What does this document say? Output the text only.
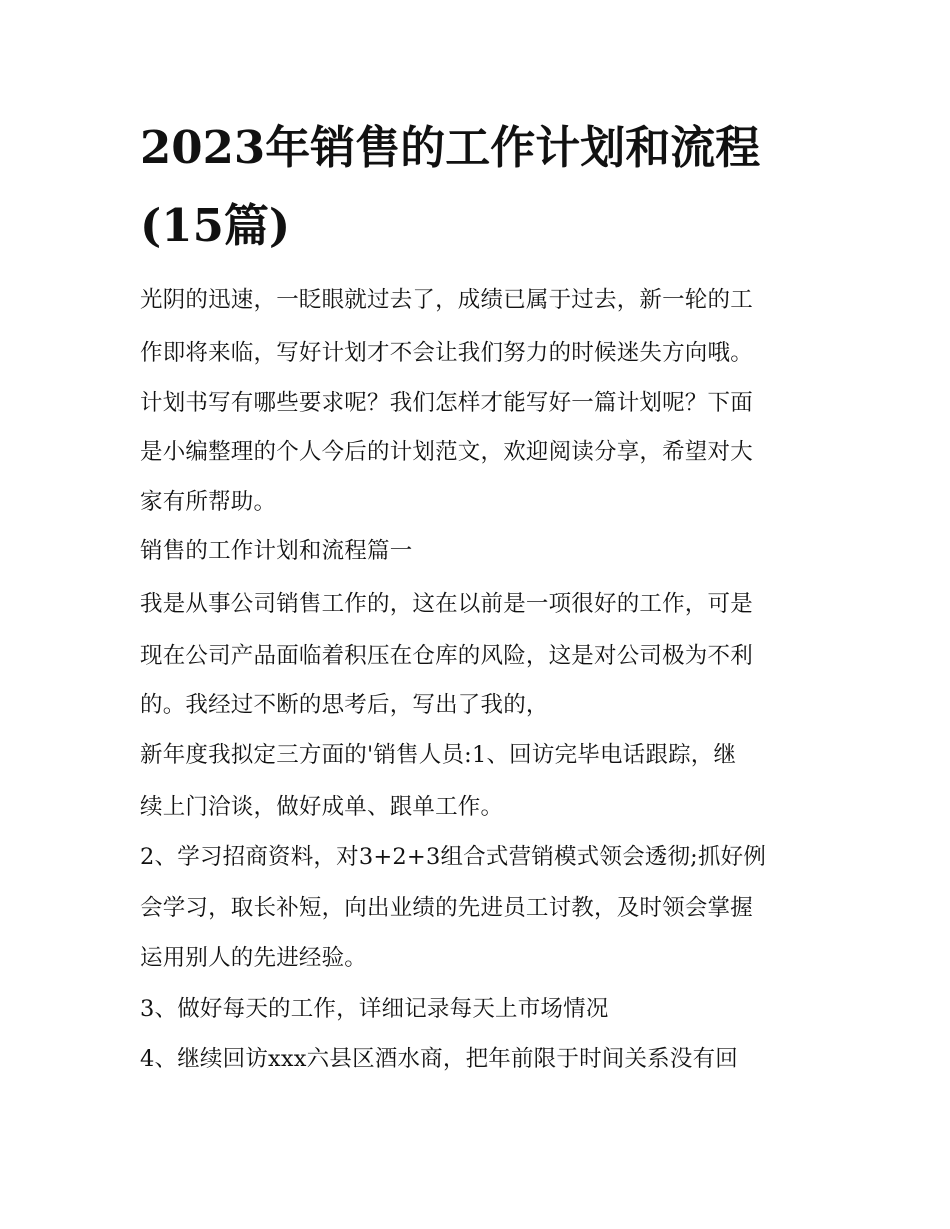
2023年销售的工作计划和流程
(15篇)
光阴的迅速，一眨眼就过去了，成绩已属于过去，新一轮的工
作即将来临，写好计划才不会让我们努力的时候迷失方向哦。
计划书写有哪些要求呢？我们怎样才能写好一篇计划呢？下面
是小编整理的个人今后的计划范文，欢迎阅读分享，希望对大
家有所帮助。
销售的工作计划和流程篇一
我是从事公司销售工作的，这在以前是一项很好的工作，可是
现在公司产品面临着积压在仓库的风险，这是对公司极为不利
的。我经过不断的思考后，写出了我的，
新年度我拟定三方面的'销售人员:1、回访完毕电话跟踪，继
续上门洽谈，做好成单、跟单工作。
2、学习招商资料，对3+2+3组合式营销模式领会透彻;抓好例
会学习，取长补短，向出业绩的先进员工讨教，及时领会掌握
运用别人的先进经验。
3、做好每天的工作，详细记录每天上市场情况
4、继续回访xxx六县区酒水商，把年前限于时间关系没有回
